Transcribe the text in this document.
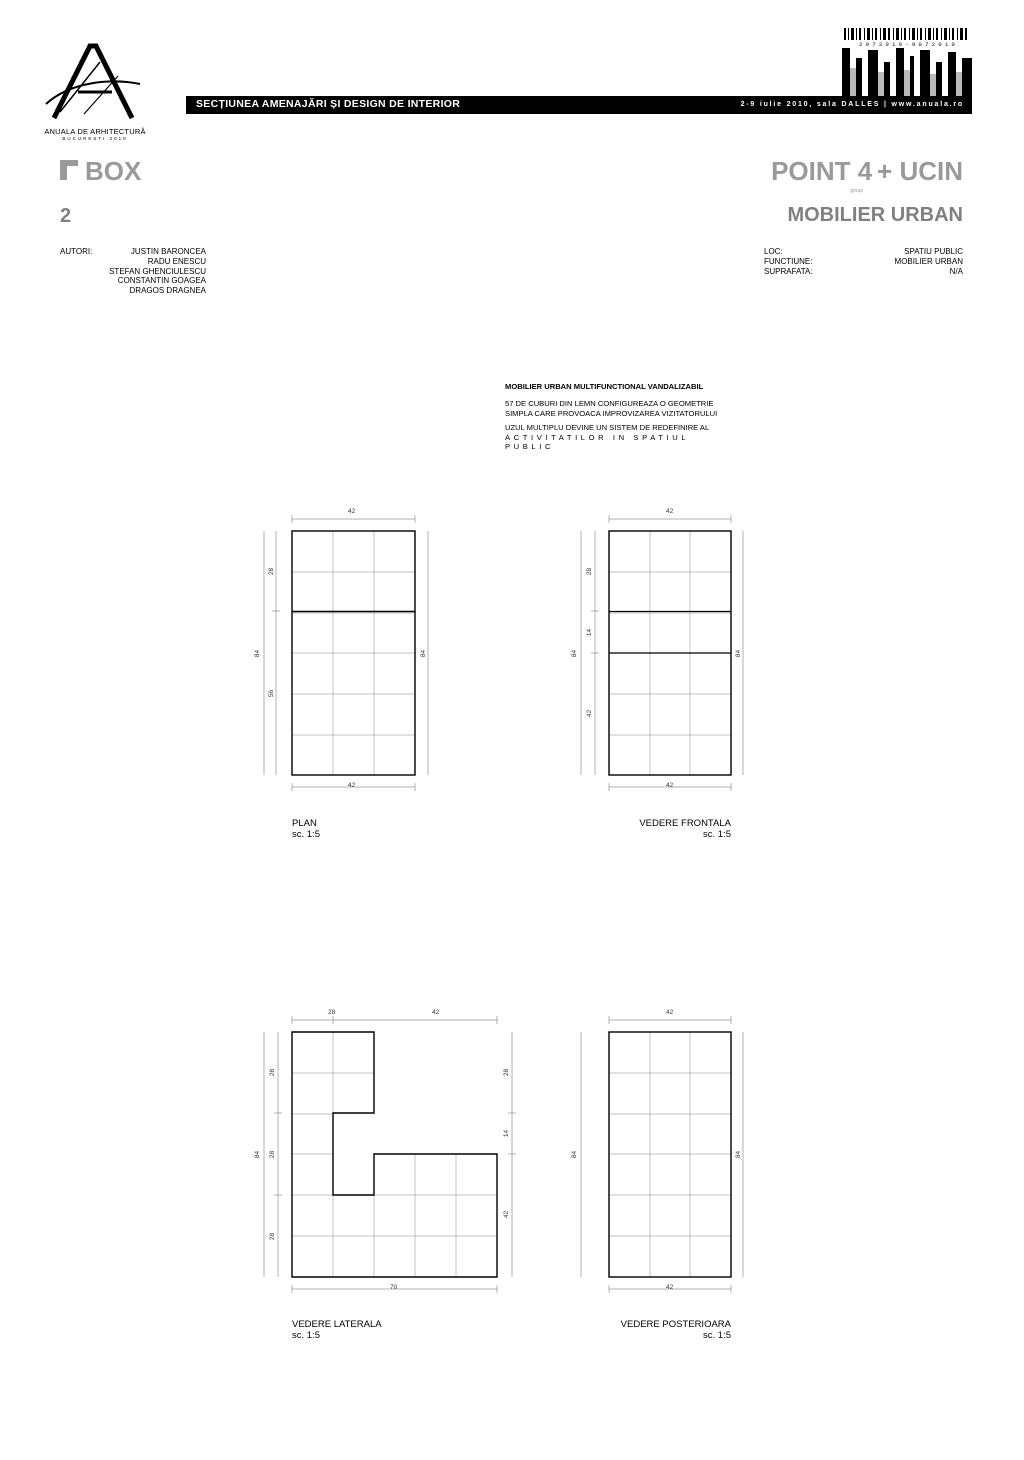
ANUALA DE ARHITECTURĂ
BUCUREȘTI 2010
2 0 7 2 0 1 0 - 9 0 7 2 0 1 0
SECȚIUNEA AMENAJĂRI ȘI DESIGN DE INTERIOR	2-9 iulie 2010, sala DALLES | www.anuala.ro
BOX
2
AUTORI:	JUSTIN BARONCEA
RADU ENESCU
STEFAN GHENCIULESCU
CONSTANTIN GOAGEA
DRAGOS DRAGNEA
POINT $4_{group}+$ UCIN
MOBILIER URBAN
LOC:	SPATIU PUBLIC
FUNCTIUNE:	MOBILIER URBAN
SUPRAFATA:	N/A
MOBILIER URBAN MULTIFUNCTIONAL VANDALIZABIL
57 DE CUBURI DIN LEMN CONFIGUREAZA O GEOMETRIE
SIMPLA CARE PROVOACA IMPROVIZAREA VIZITATORULUI
UZUL MULTIPLU DEVINE UN SISTEM DE REDEFINIRE AL
ACTIVITATILOR IN SPATIUL PUBLIC
42
42
84
28
56
84
PLAN
sc. 1:5
42
42
84
28
14
42
84
VEDERE FRONTALA
sc. 1:5
28	42
70
84
28
28
28
28
14
42
VEDERE LATERALA
sc. 1:5
42
42
84	84
VEDERE POSTERIOARA
sc. 1:5
